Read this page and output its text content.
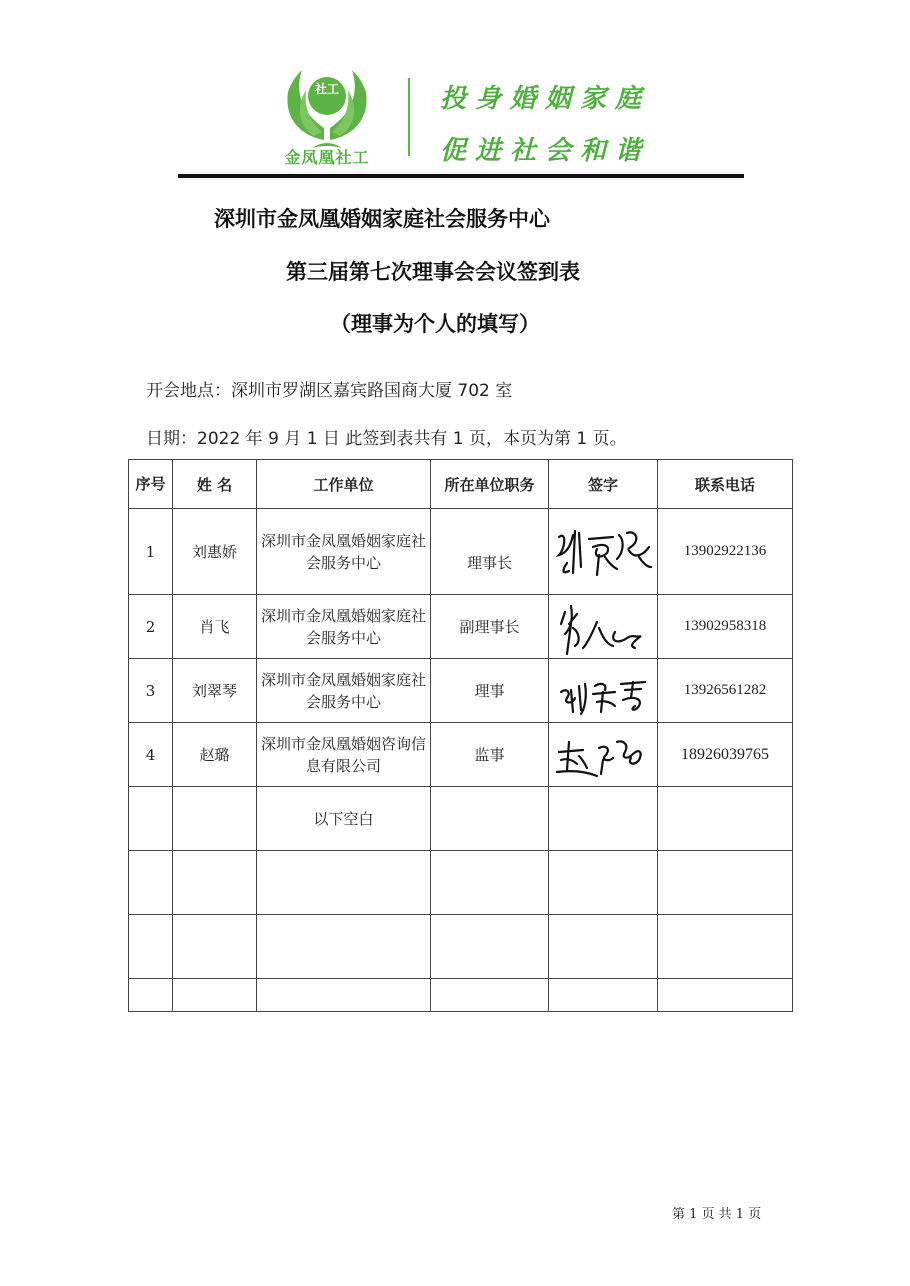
社工
金凤凰社工
投身婚姻家庭
促进社会和谐
深圳市金凤凰婚姻家庭社会服务中心
第三届第七次理事会会议签到表
（理事为个人的填写）
开会地点：深圳市罗湖区嘉宾路国商大厦 702 室
日期：2022 年 9 月 1 日 此签到表共有 1 页，本页为第 1 页。
序号	姓 名	工作单位	所在单位职务	签字	联系电话
1	刘惠娇	深圳市金凤凰婚姻家庭社会服务中心	理事长		13902922136
2	肖飞	深圳市金凤凰婚姻家庭社会服务中心	副理事长		13902958318
3	刘翠琴	深圳市金凤凰婚姻家庭社会服务中心	理事		13926561282
4	赵璐	深圳市金凤凰婚姻咨询信息有限公司	监事		18926039765
		以下空白			

第 1 页 共 1 页
